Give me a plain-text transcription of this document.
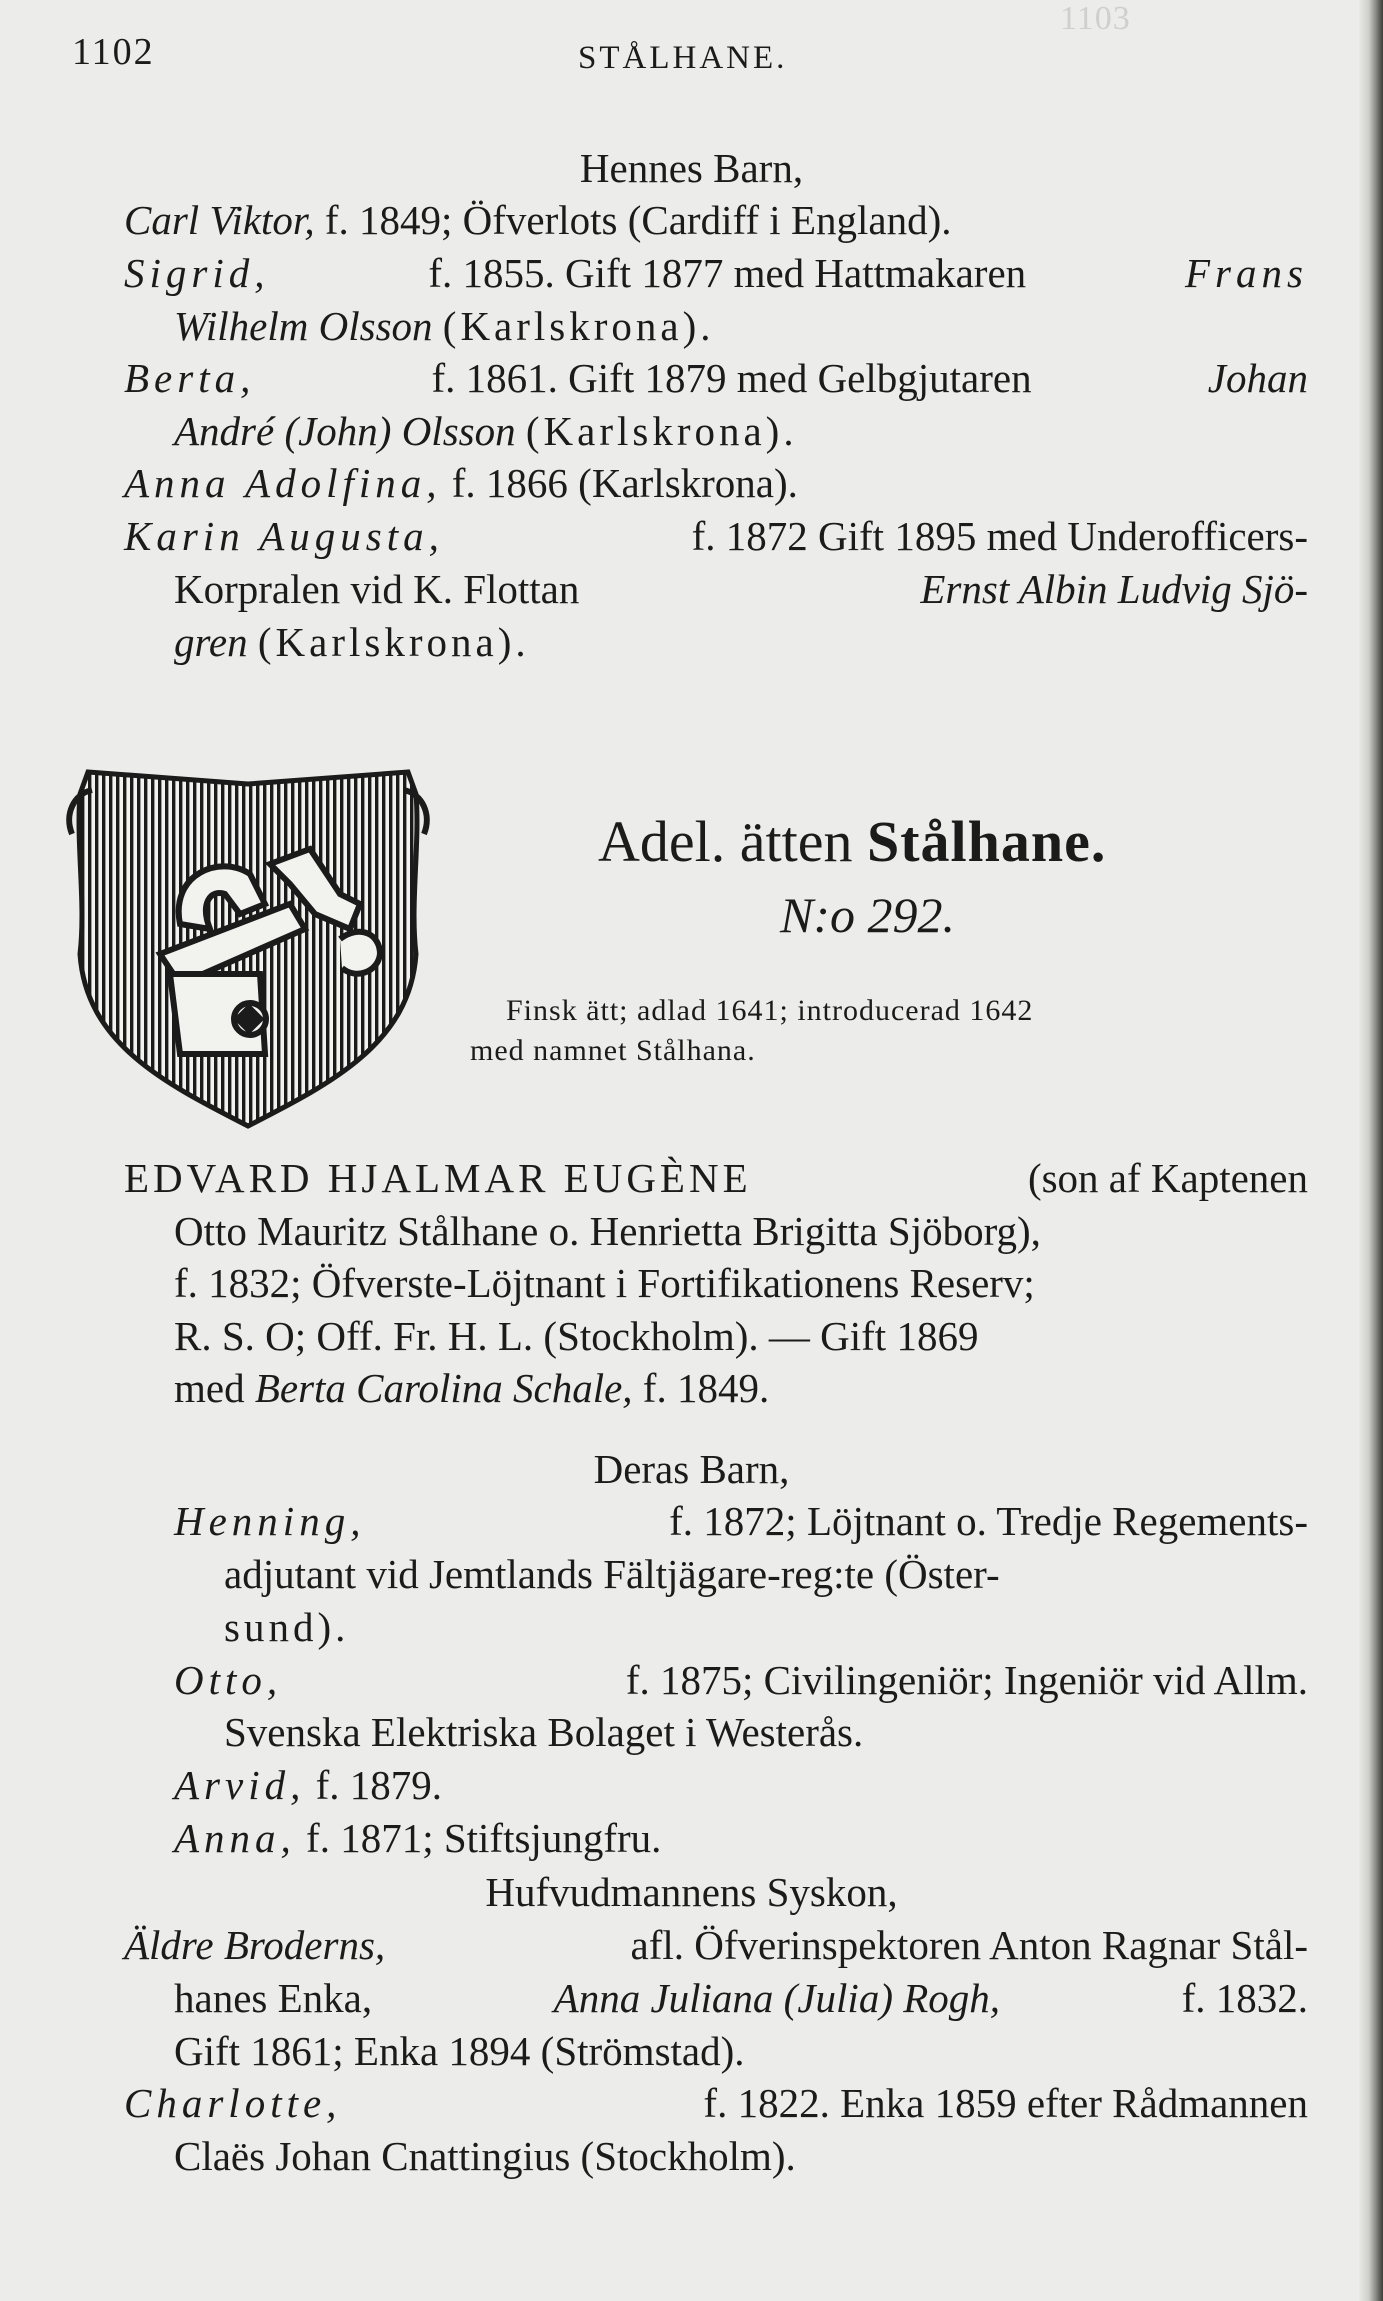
1103
1102	STÅLHANE.
Hennes Barn,
Carl Viktor, f. 1849; Öfverlots (Cardiff i England).
Sigrid,	f. 1855. Gift 1877 med Hattmakaren	Frans
Wilhelm Olsson (Karlskrona).
Berta,	f. 1861. Gift 1879 med Gelbgjutaren	Johan
André (John) Olsson (Karlskrona).
Anna Adolfina, f. 1866 (Karlskrona).
Karin Augusta,	f. 1872 Gift 1895 med Underofficers-
Korpralen vid K. Flottan	Ernst Albin Ludvig Sjö-
gren (Karlskrona).
Adel. ätten Stålhane.
N:o 292.
Finsk ätt; adlad 1641; introducerad 1642
med namnet Stålhana.
EDVARD HJALMAR EUGÈNE	(son af Kaptenen
Otto Mauritz Stålhane o. Henrietta Brigitta Sjöborg),
f. 1832; Öfverste-Löjtnant i Fortifikationens Reserv;
R. S. O; Off. Fr. H. L. (Stockholm). — Gift 1869
med Berta Carolina Schale, f. 1849.
Deras Barn,
Henning,	f. 1872; Löjtnant o. Tredje Regements-
adjutant vid Jemtlands Fältjägare-reg:te (Öster-
sund).
Otto,	f. 1875; Civilingeniör; Ingeniör vid Allm.
Svenska Elektriska Bolaget i Westerås.
Arvid, f. 1879.
Anna, f. 1871; Stiftsjungfru.
Hufvudmannens Syskon,
Äldre Broderns,	afl. Öfverinspektoren Anton Ragnar Stål-
hanes Enka,	Anna Juliana (Julia) Rogh,	f. 1832.
Gift 1861; Enka 1894 (Strömstad).
Charlotte,	f. 1822. Enka 1859 efter Rådmannen
Claës Johan Cnattingius (Stockholm).
